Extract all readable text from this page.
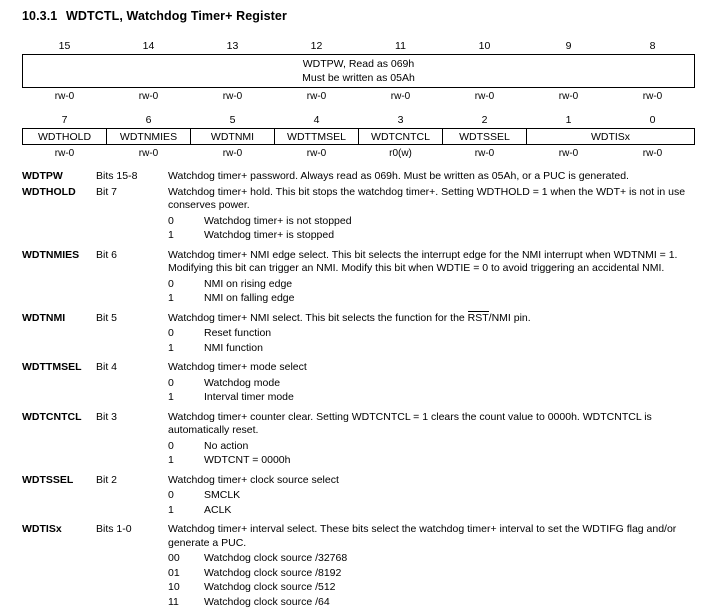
10.3.1 WDTCTL, Watchdog Timer+ Register
15	14	13	12	11	10	9	8

WDTPW, Read as 069h
Must be written as 05Ah							

rw-0	rw-0	rw-0	rw-0	rw-0	rw-0	rw-0	rw-0
7	6	5	4	3	2	1	0
WDTHOLD	WDTNMIES	WDTNMI	WDTTMSEL	WDTCNTCL	WDTSSEL	WDTISx	
rw-0	rw-0	rw-0	rw-0	r0(w)	rw-0	rw-0	rw-0
WDTPW	Bits 15-8	Watchdog timer+ password. Always read as 069h. Must be written as 05Ah, or a PUC is generated.
WDTHOLD	Bit 7	Watchdog timer+ hold. This bit stops the watchdog timer+. Setting WDTHOLD = 1 when the WDT+ is not in use conserves power.
0	Watchdog timer+ is not stopped
1	Watchdog timer+ is stopped
WDTNMIES	Bit 6	Watchdog timer+ NMI edge select. This bit selects the interrupt edge for the NMI interrupt when WDTNMI = 1. Modifying this bit can trigger an NMI. Modify this bit when WDTIE = 0 to avoid triggering an accidental NMI.
0	NMI on rising edge
1	NMI on falling edge
WDTNMI	Bit 5	Watchdog timer+ NMI select. This bit selects the function for the RST/NMI pin.
0	Reset function
1	NMI function
WDTTMSEL	Bit 4	Watchdog timer+ mode select
0	Watchdog mode
1	Interval timer mode
WDTCNTCL	Bit 3	Watchdog timer+ counter clear. Setting WDTCNTCL = 1 clears the count value to 0000h. WDTCNTCL is automatically reset.
0	No action
1	WDTCNT = 0000h
WDTSSEL	Bit 2	Watchdog timer+ clock source select
0	SMCLK
1	ACLK
WDTISx	Bits 1-0	Watchdog timer+ interval select. These bits select the watchdog timer+ interval to set the WDTIFG flag and/or generate a PUC.
00	Watchdog clock source /32768
01	Watchdog clock source /8192
10	Watchdog clock source /512
11	Watchdog clock source /64
